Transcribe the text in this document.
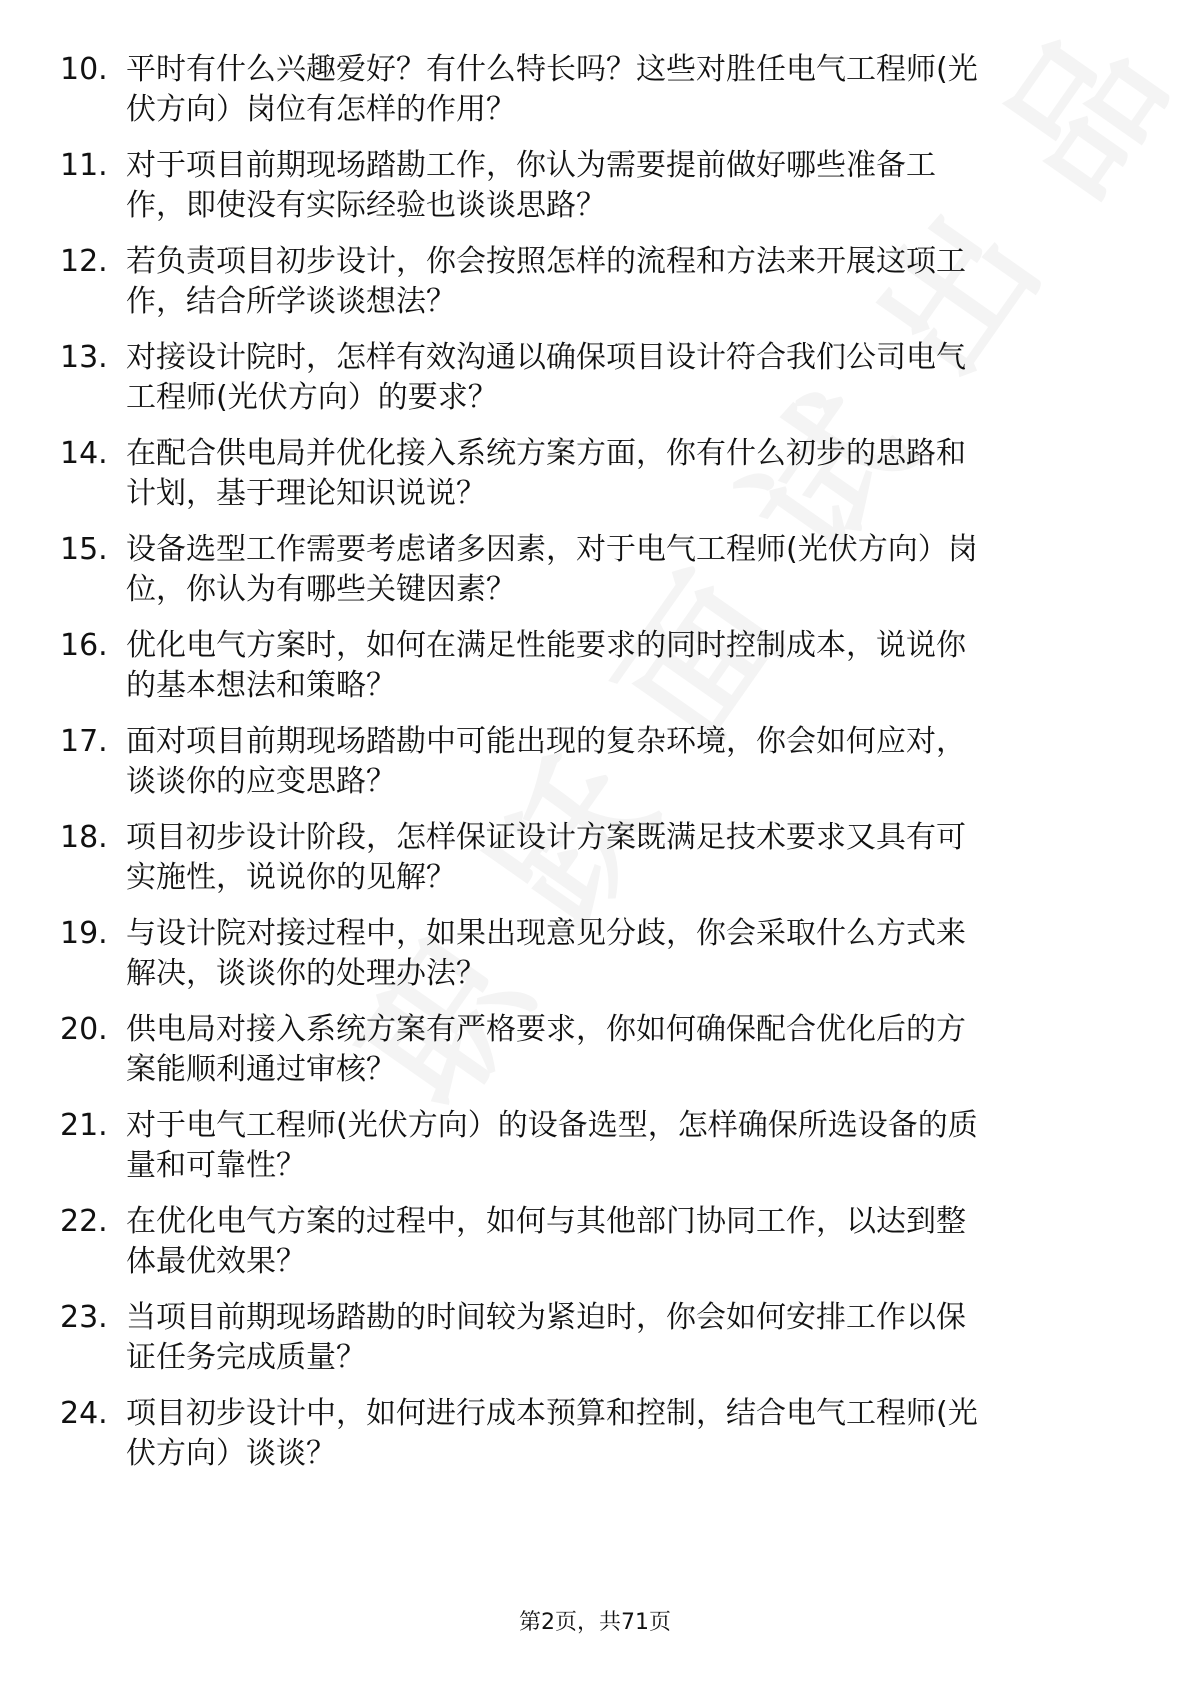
10. 平时有什么兴趣爱好？有什么特长吗？这些对胜任电气工程师(光
伏方向）岗位有怎样的作用？
11. 对于项目前期现场踏勘工作，你认为需要提前做好哪些准备工
作，即使没有实际经验也谈谈思路？
12. 若负责项目初步设计，你会按照怎样的流程和方法来开展这项工
作，结合所学谈谈想法？
13. 对接设计院时，怎样有效沟通以确保项目设计符合我们公司电气
工程师(光伏方向）的要求？
14. 在配合供电局并优化接入系统方案方面，你有什么初步的思路和
计划，基于理论知识说说？
15. 设备选型工作需要考虑诸多因素，对于电气工程师(光伏方向）岗
位，你认为有哪些关键因素？
16. 优化电气方案时，如何在满足性能要求的同时控制成本，说说你
的基本想法和策略？
17. 面对项目前期现场踏勘中可能出现的复杂环境，你会如何应对，
谈谈你的应变思路？
18. 项目初步设计阶段，怎样保证设计方案既满足技术要求又具有可
实施性，说说你的见解？
19. 与设计院对接过程中，如果出现意见分歧，你会采取什么方式来
解决，谈谈你的处理办法？
20. 供电局对接入系统方案有严格要求，你如何确保配合优化后的方
案能顺利通过审核？
21. 对于电气工程师(光伏方向）的设备选型，怎样确保所选设备的质
量和可靠性？
22. 在优化电气方案的过程中，如何与其他部门协同工作，以达到整
体最优效果？
23. 当项目前期现场踏勘的时间较为紧迫时，你会如何安排工作以保
证任务完成质量？
24. 项目初步设计中，如何进行成本预算和控制，结合电气工程师(光
伏方向）谈谈？
第2页，共71页
